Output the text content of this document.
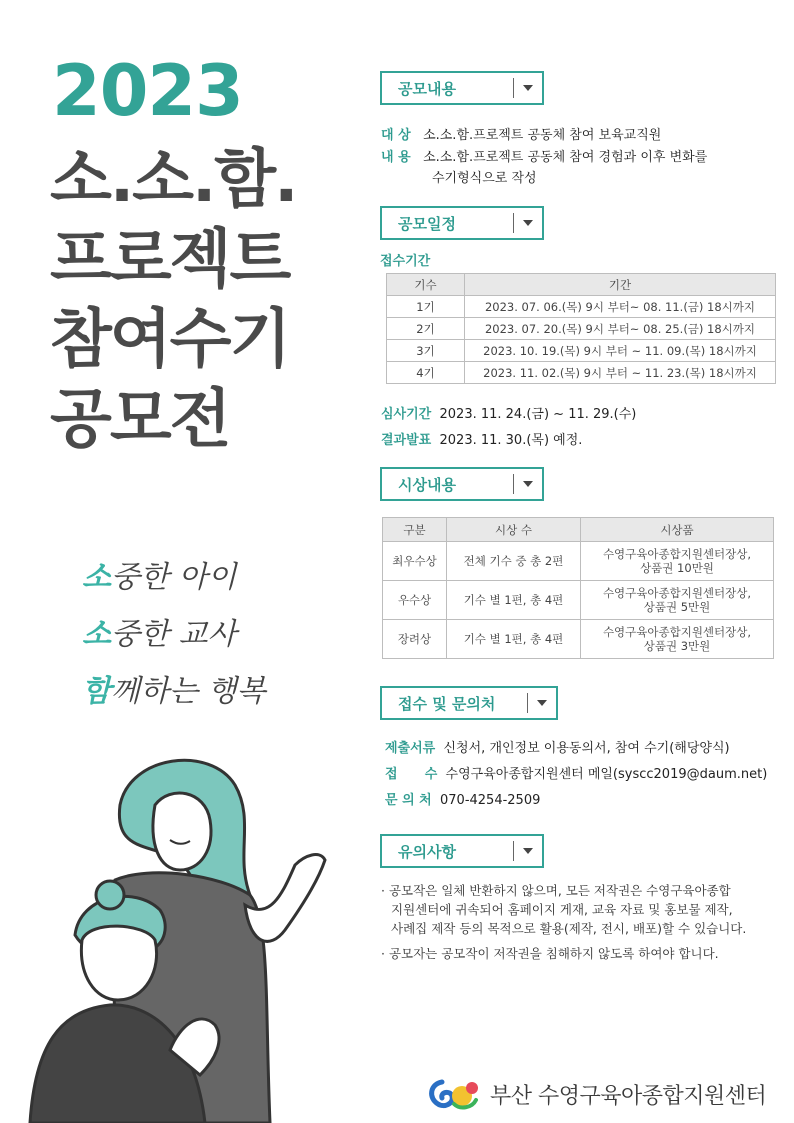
2023
소.소.함.
프로젝트
참여수기
공모전
소중한 아이
소중한 교사
함께하는 행복
공모내용
대 상 소.소.함.프로젝트 공동체 참여 보육교직원
내 용 소.소.함.프로젝트 공동체 참여 경험과 이후 변화를
수기형식으로 작성
공모일정
접수기간
기수	기간
1기	2023. 07. 06.(목) 9시 부터~ 08. 11.(금) 18시까지
2기	2023. 07. 20.(목) 9시 부터~ 08. 25.(금) 18시까지
3기	2023. 10. 19.(목) 9시 부터 ~ 11. 09.(목) 18시까지
4기	2023. 11. 02.(목) 9시 부터 ~ 11. 23.(목) 18시까지
심사기간 2023. 11. 24.(금) ~ 11. 29.(수)
결과발표 2023. 11. 30.(목) 예정.
시상내용
구분	시상 수	시상품
최우수상	전체 기수 중 총 2편	수영구육아종합지원센터장상,
상품권 10만원
우수상	기수 별 1편, 총 4편	수영구육아종합지원센터장상,
상품권 5만원
장려상	기수 별 1편, 총 4편	수영구육아종합지원센터장상,
상품권 3만원
접수 및 문의처
제출서류 신청서, 개인정보 이용동의서, 참여 수기(해당양식)
접      수 수영구육아종합지원센터 메일(syscc2019@daum.net)
문 의 처 070-4254-2509
유의사항
· 공모작은 일체 반환하지 않으며, 모든 저작권은 수영구육아종합
지원센터에 귀속되어 홈페이지 게재, 교육 자료 및 홍보물 제작,
사례집 제작 등의 목적으로 활용(제작, 전시, 배포)할 수 있습니다.
· 공모자는 공모작이 저작권을 침해하지 않도록 하여야 합니다.
부산 수영구육아종합지원센터
